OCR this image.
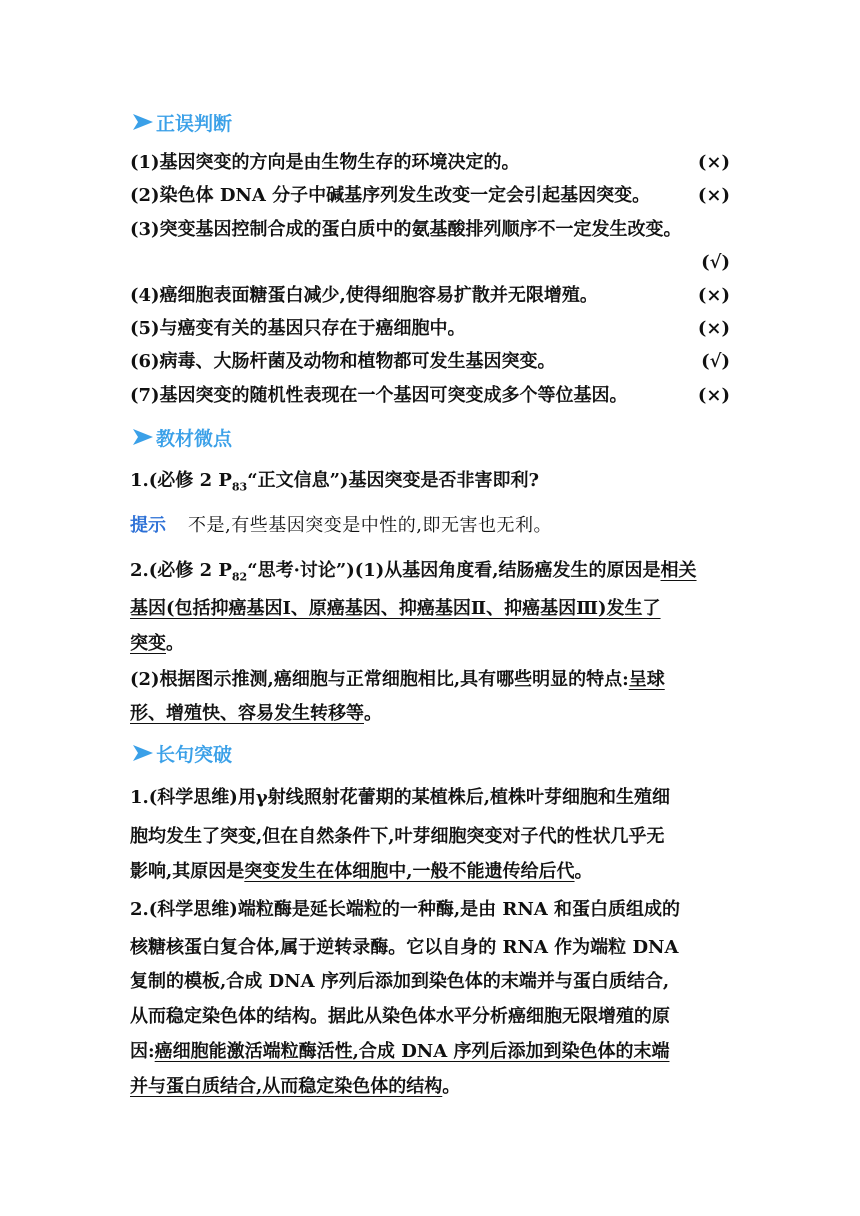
正误判断
(1)基因突变的方向是由生物生存的环境决定的。	(×)
(2)染色体 DNA 分子中碱基序列发生改变一定会引起基因突变。	(×)
(3)突变基因控制合成的蛋白质中的氨基酸排列顺序不一定发生改变。
(√)
(4)癌细胞表面糖蛋白减少,使得细胞容易扩散并无限增殖。	(×)
(5)与癌变有关的基因只存在于癌细胞中。	(×)
(6)病毒、大肠杆菌及动物和植物都可发生基因突变。	(√)
(7)基因突变的随机性表现在一个基因可突变成多个等位基因。	(×)
教材微点
1.(必修 2 $P_{83}“$正文信息”)基因突变是否非害即利?
提示 不是,有些基因突变是中性的,即无害也无利。
2.(必修 2 $P_{82}“$思考·讨论”)(1)从基因角度看,结肠癌发生的原因是相关
基因(包括抑癌基因Ⅰ、原癌基因、抑癌基因Ⅱ、抑癌基因Ⅲ)发生了
突变。
(2)根据图示推测,癌细胞与正常细胞相比,具有哪些明显的特点:呈球
形、增殖快、容易发生转移等。
长句突破
1.(科学思维)用γ射线照射花蕾期的某植株后,植株叶芽细胞和生殖细
胞均发生了突变,但在自然条件下,叶芽细胞突变对子代的性状几乎无
影响,其原因是突变发生在体细胞中,一般不能遗传给后代。
2.(科学思维)端粒酶是延长端粒的一种酶,是由 RNA 和蛋白质组成的
核糖核蛋白复合体,属于逆转录酶。它以自身的 RNA 作为端粒 DNA
复制的模板,合成 DNA 序列后添加到染色体的末端并与蛋白质结合,
从而稳定染色体的结构。据此从染色体水平分析癌细胞无限增殖的原
因:癌细胞能激活端粒酶活性,合成 DNA 序列后添加到染色体的末端
并与蛋白质结合,从而稳定染色体的结构。
